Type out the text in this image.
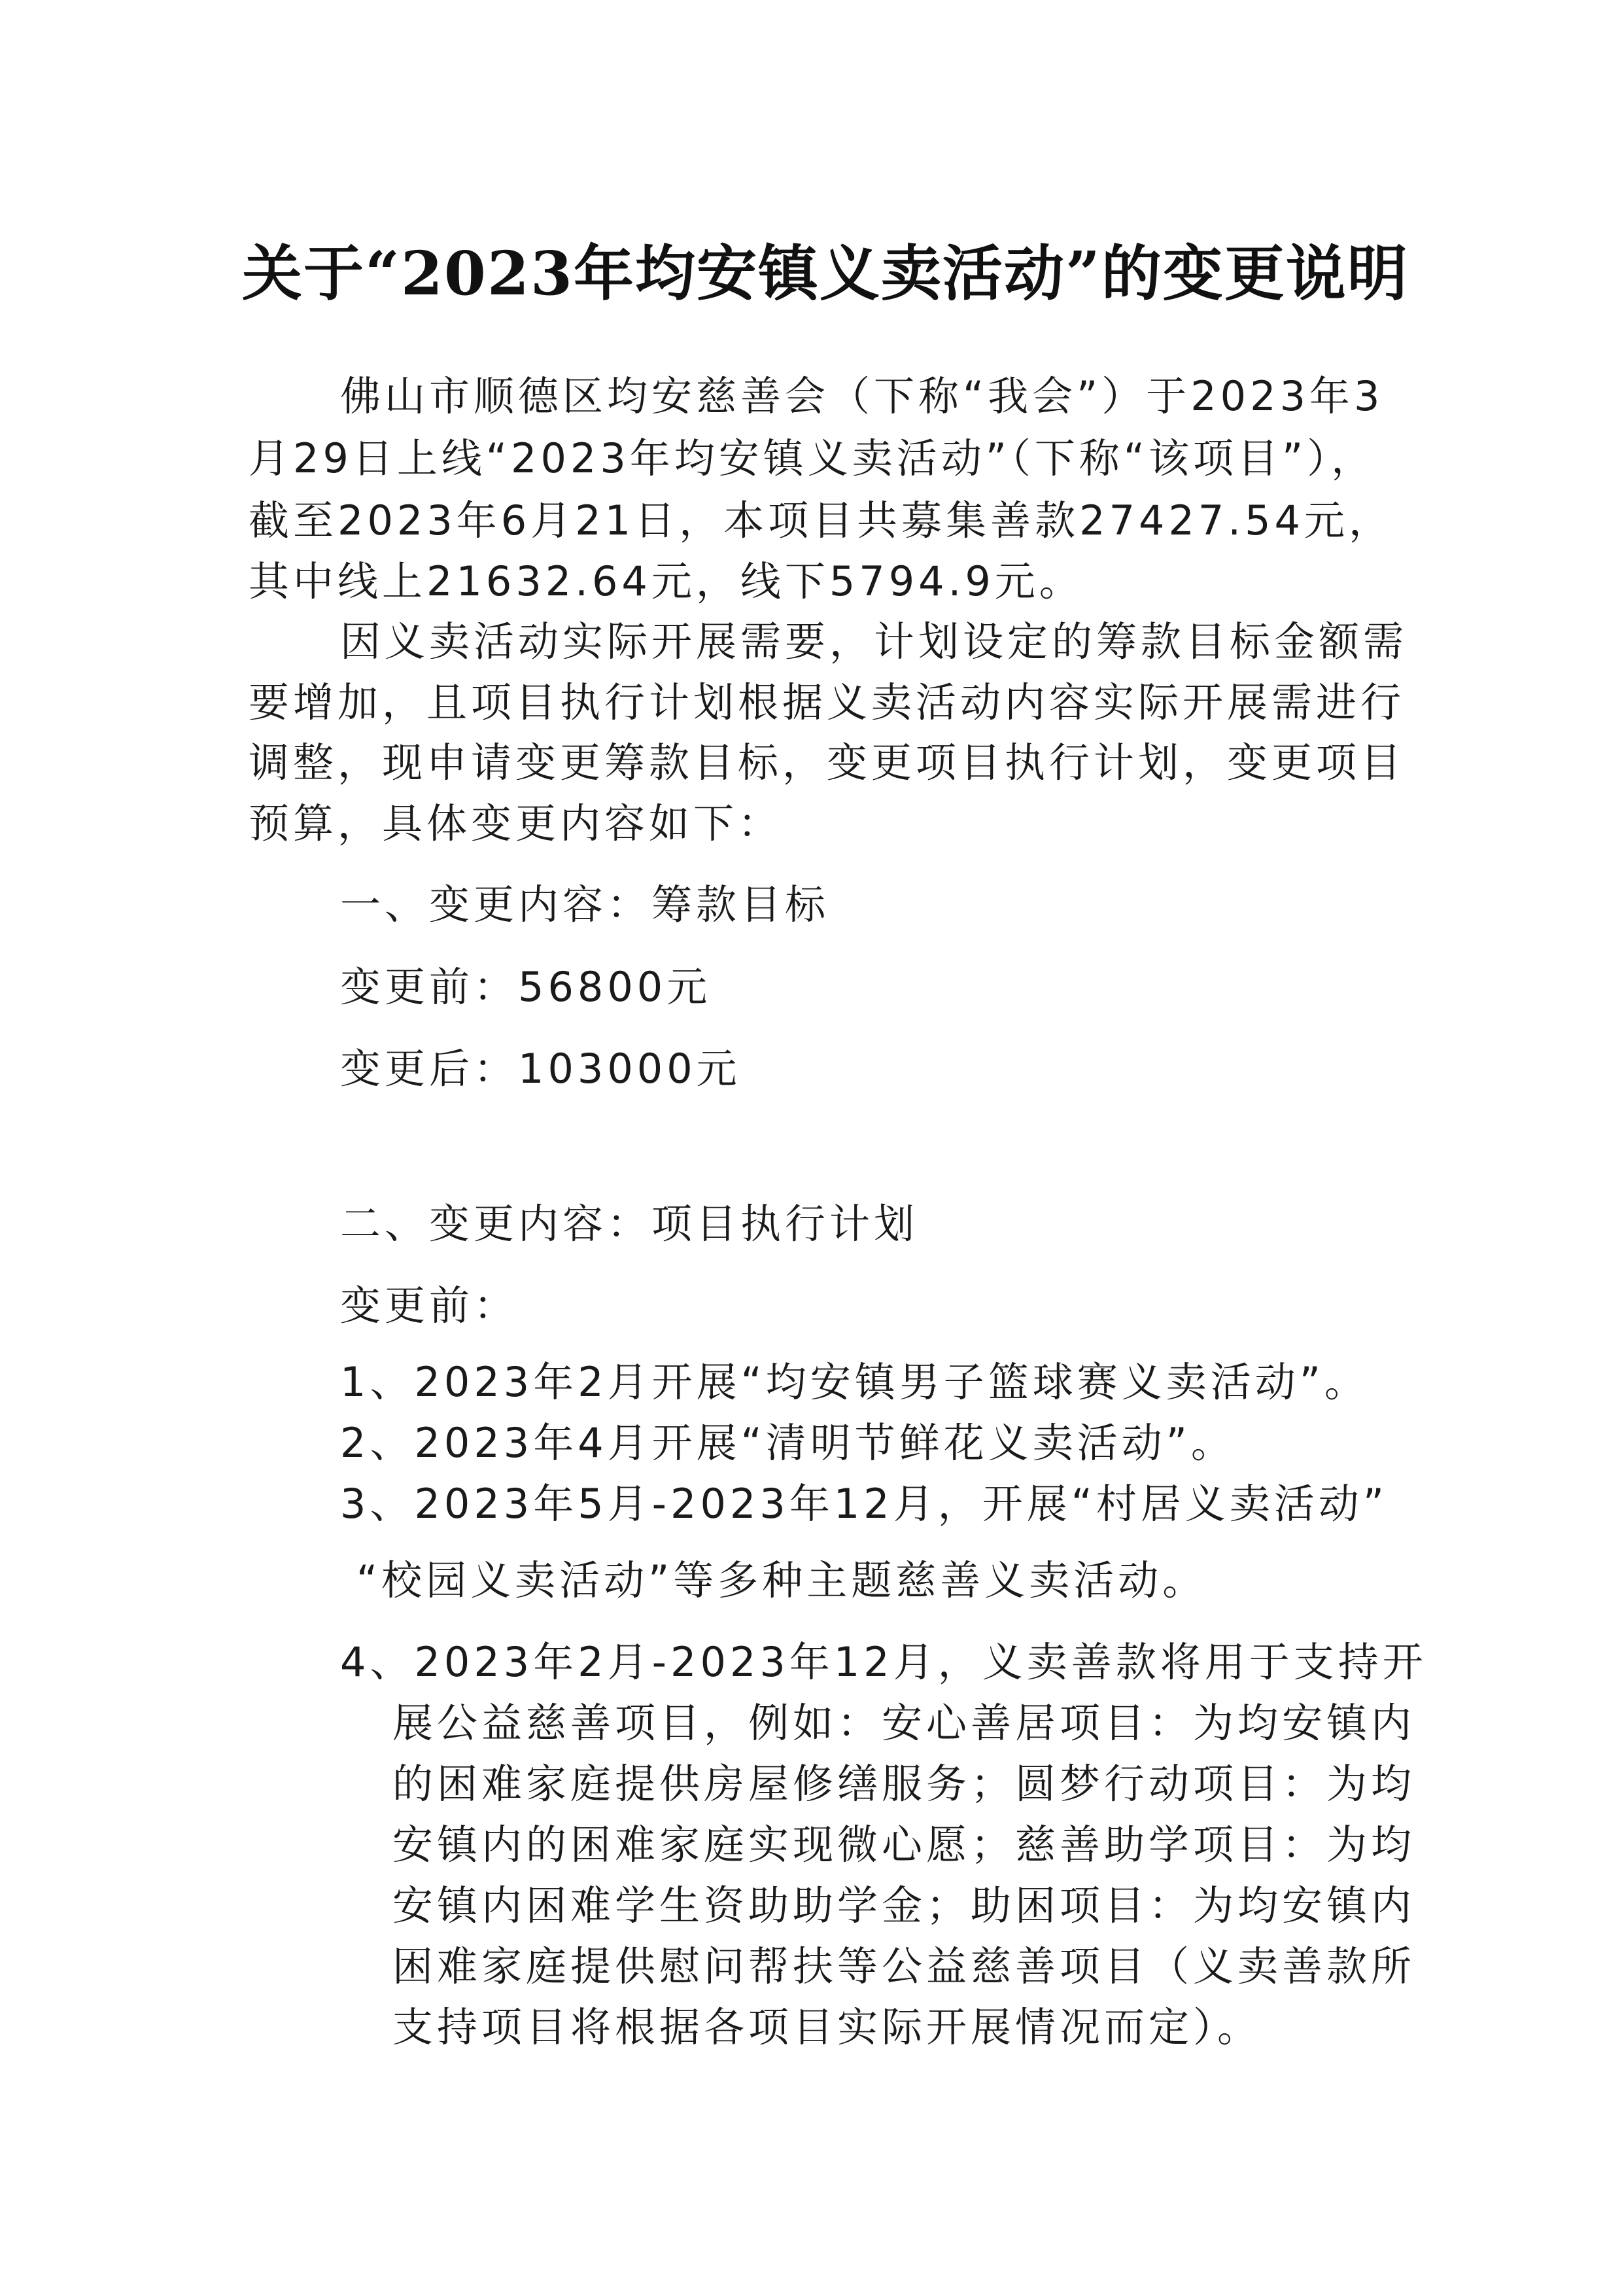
关于“2023年均安镇义卖活动”的变更说明
佛山市顺德区均安慈善会（下称“我会”）于2023年3
月29日上线“2023年均安镇义卖活动”（下称“该项目”），
截至2023年6月21日，本项目共募集善款27427.54元，
其中线上21632.64元，线下5794.9元。
因义卖活动实际开展需要，计划设定的筹款目标金额需
要增加，且项目执行计划根据义卖活动内容实际开展需进行
调整，现申请变更筹款目标，变更项目执行计划，变更项目
预算，具体变更内容如下：
一、变更内容：筹款目标
变更前：56800元
变更后：103000元
二、变更内容：项目执行计划
变更前：
1、2023年2月开展“均安镇男子篮球赛义卖活动”。
2、2023年4月开展“清明节鲜花义卖活动”。
3、2023年5月-2023年12月，开展“村居义卖活动”
“校园义卖活动”等多种主题慈善义卖活动。
4、2023年2月-2023年12月，义卖善款将用于支持开
展公益慈善项目，例如：安心善居项目：为均安镇内
的困难家庭提供房屋修缮服务；圆梦行动项目：为均
安镇内的困难家庭实现微心愿；慈善助学项目：为均
安镇内困难学生资助助学金；助困项目：为均安镇内
困难家庭提供慰问帮扶等公益慈善项目（义卖善款所
支持项目将根据各项目实际开展情况而定）。
